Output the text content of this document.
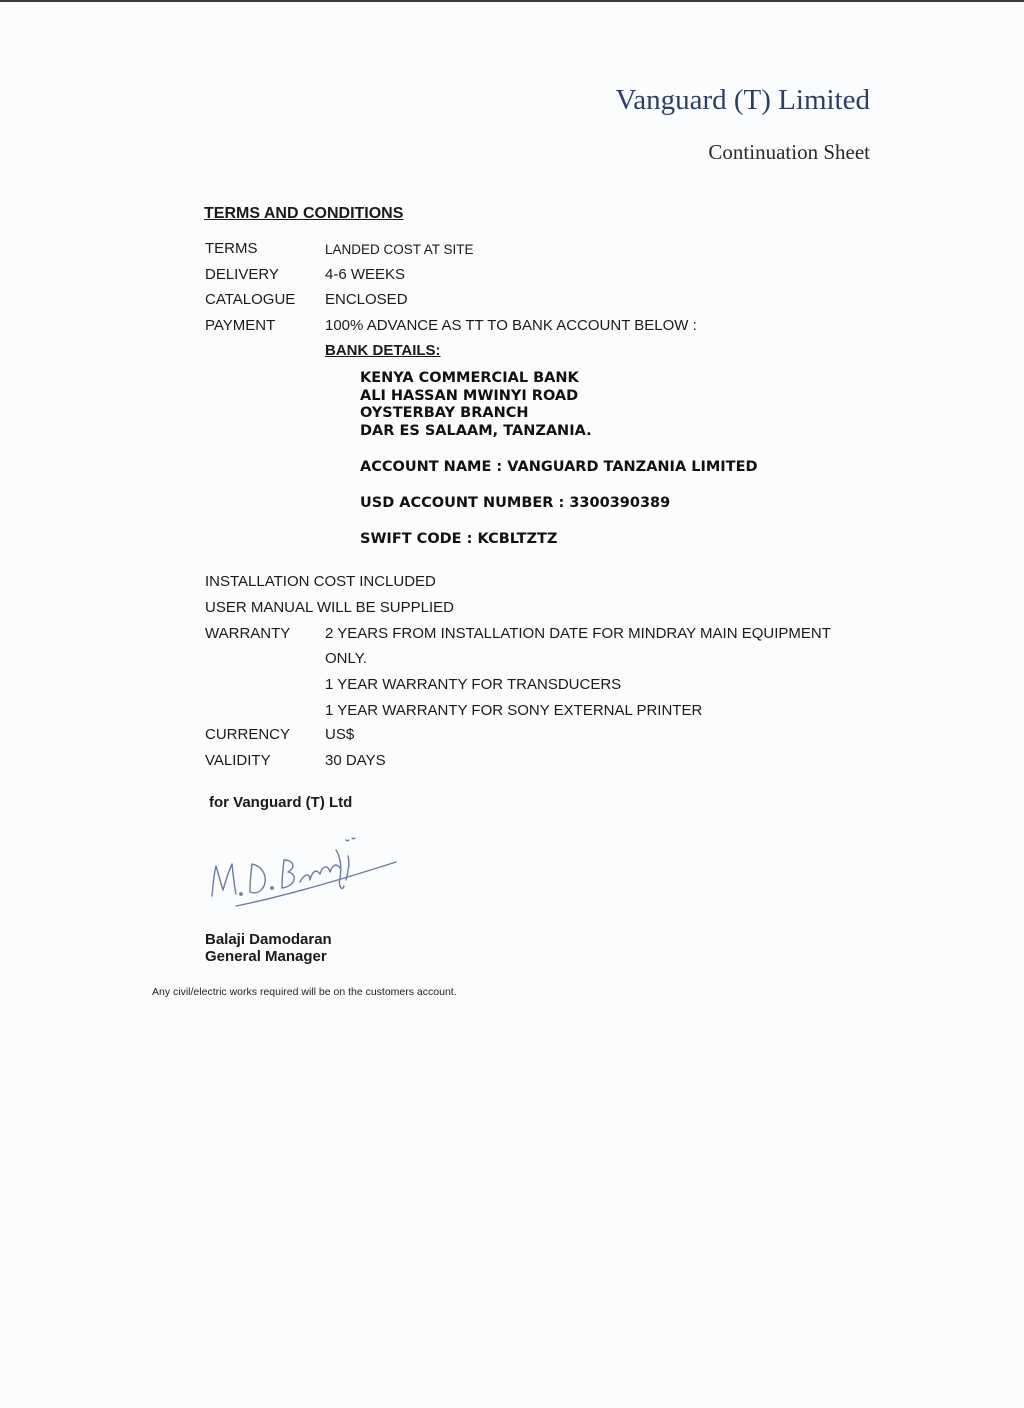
Vanguard (T) Limited
Continuation Sheet
TERMS AND CONDITIONS
TERMS	LANDED COST AT SITE
DELIVERY	4-6 WEEKS
CATALOGUE ENCLOSED
PAYMENT	100% ADVANCE AS TT TO BANK ACCOUNT BELOW :
BANK DETAILS:
KENYA COMMERCIAL BANK
ALI HASSAN MWINYI ROAD
OYSTERBAY BRANCH
DAR ES SALAAM, TANZANIA.
ACCOUNT NAME : VANGUARD TANZANIA LIMITED
USD ACCOUNT NUMBER : 3300390389
SWIFT CODE : KCBLTZTZ
INSTALLATION COST INCLUDED
USER MANUAL WILL BE SUPPLIED
WARRANTY 2 YEARS FROM INSTALLATION DATE FOR MINDRAY MAIN EQUIPMENT
ONLY.
1 YEAR WARRANTY FOR TRANSDUCERS
1 YEAR WARRANTY FOR SONY EXTERNAL PRINTER
CURRENCY US$
VALIDITY	30 DAYS
for Vanguard (T) Ltd
Balaji Damodaran
General Manager
Any civil/electric works required will be on the customers account.
